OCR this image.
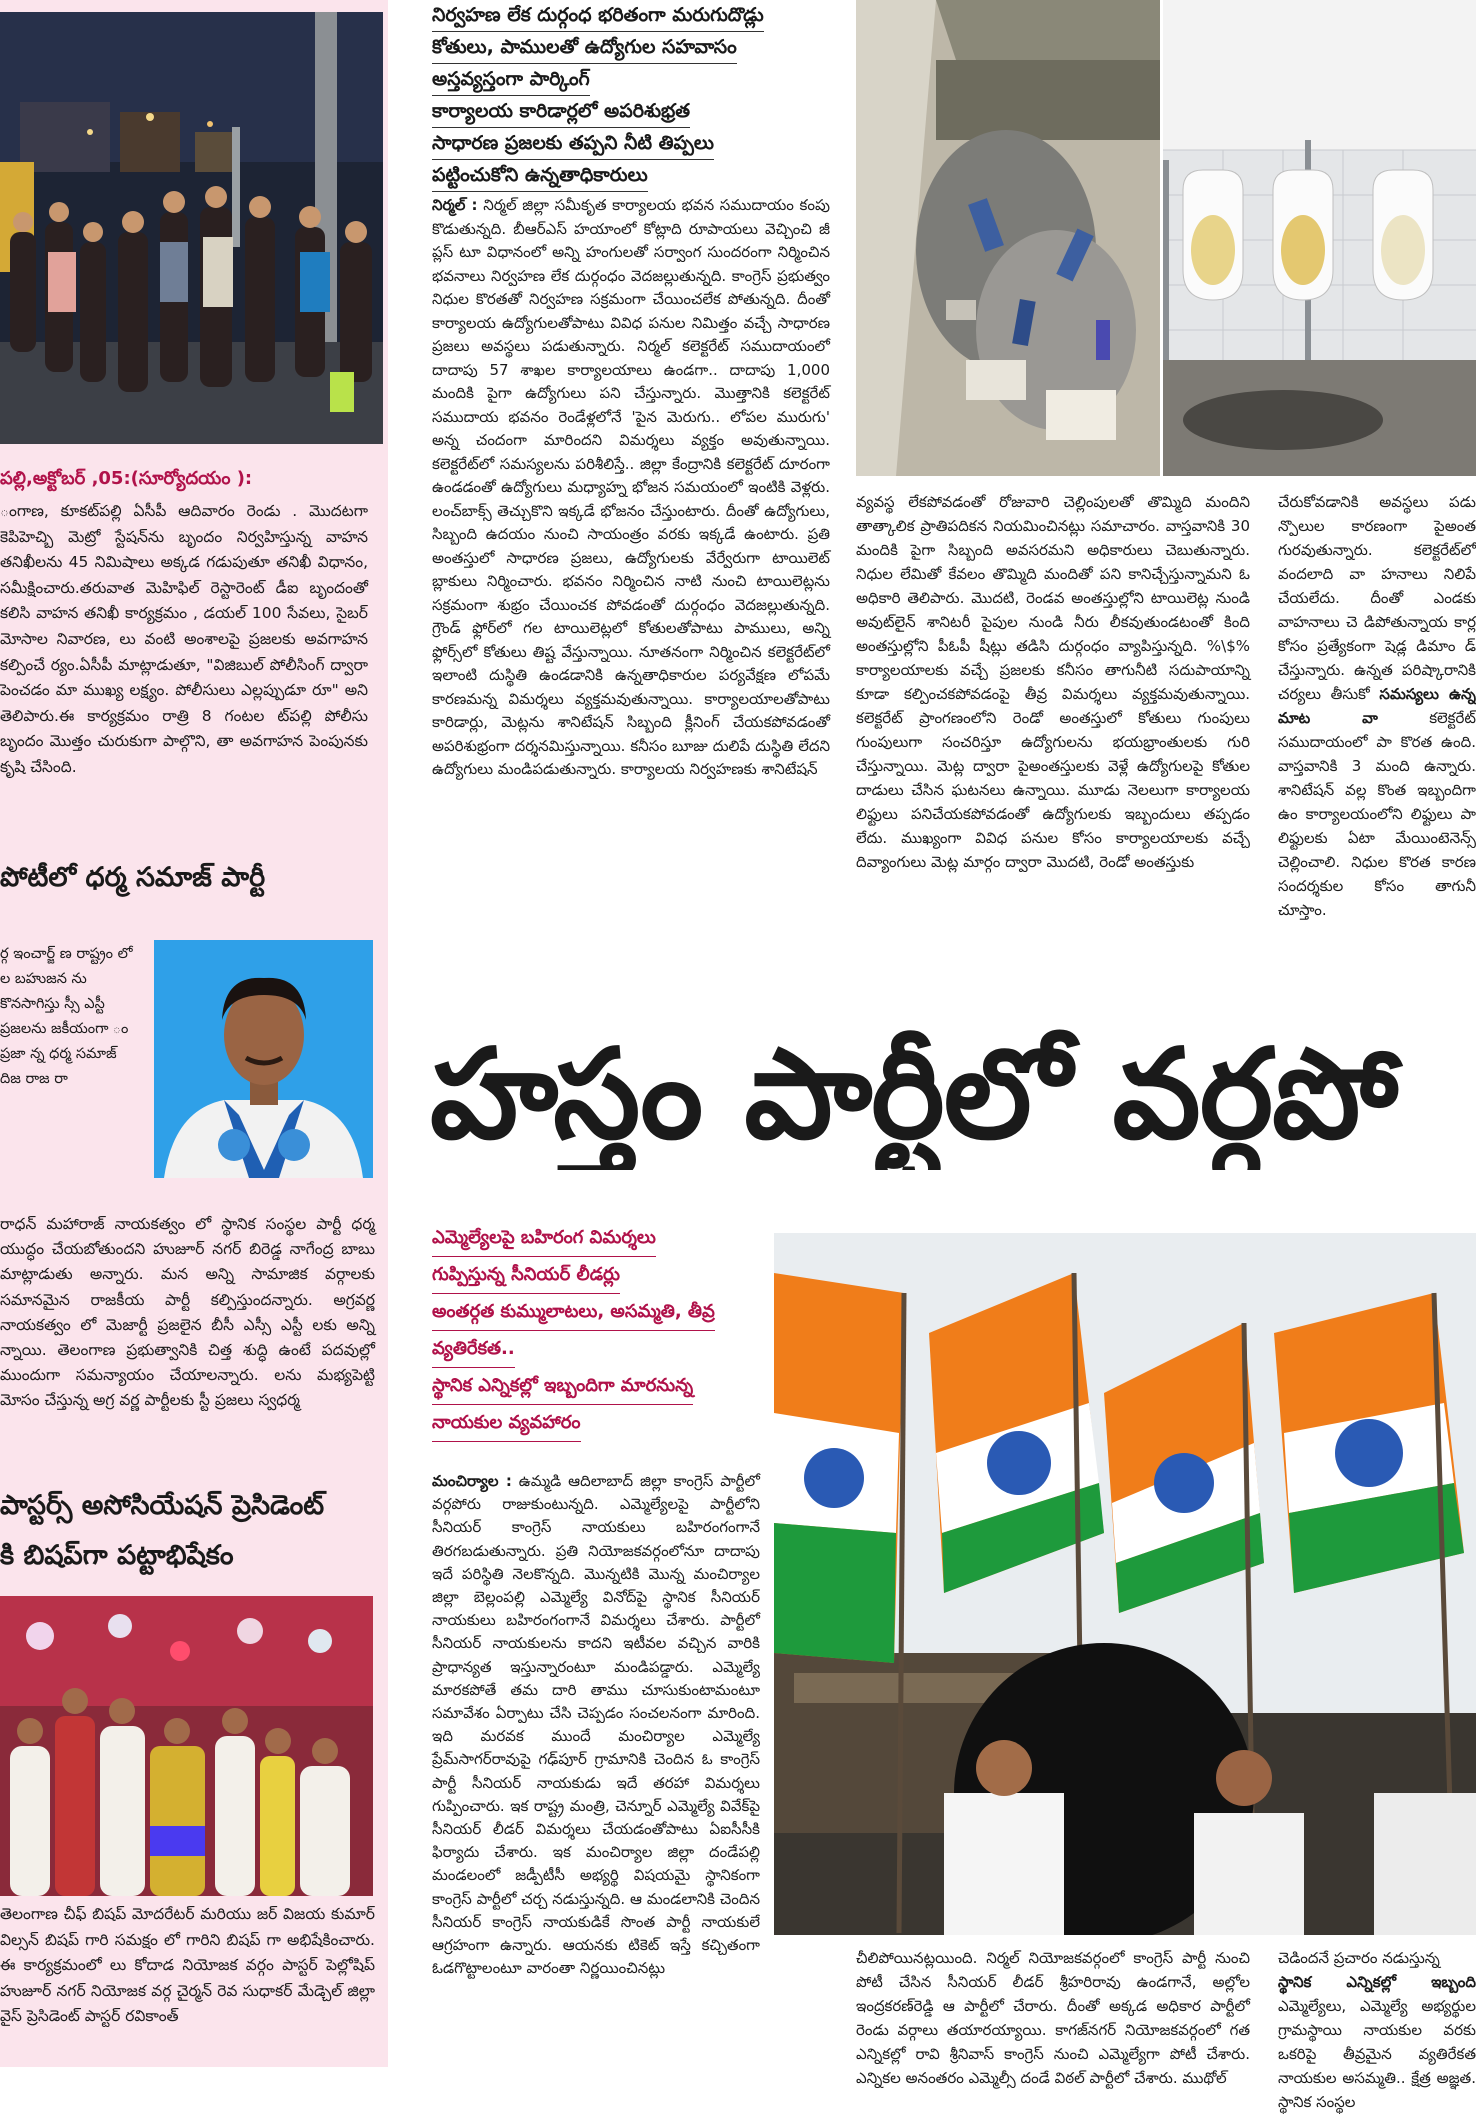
పల్లి,అక్టోబర్ ,05:(సూర్యోదయం ):

ంగాణ, కూకట్‌పల్లి ఏసీపీ ఆదివారం రెండు . మొదటగా కెపిహెచ్బి మెట్రో స్టేషన్‌ను బృందం నిర్వహిస్తున్న వాహన తనిఖీలను 45 నిమిషాలు అక్కడ గడుపుతూ తనిఖీ విధానం, సమీక్షించారు.తరువాత మెహిఫిల్ రెస్టారెంట్ డీఐ బృందంతో కలిసి వాహన తనిఖీ కార్యక్రమం , డయల్ 100 సేవలు, సైబర్ మోసాల నివారణ, లు వంటి అంశాలపై ప్రజలకు అవగాహన కల్పించే ర్యం.ఏసీపీ మాట్లాడుతూ, "విజిబుల్ పోలీసింగ్ ద్వారా పెంచడం మా ముఖ్య లక్ష్యం. పోలీసులు ఎల్లప్పుడూ రూ" అని తెలిపారు.ఈ కార్యక్రమం రాత్రి 8 గంటల ట్‌పల్లి పోలీసు బృందం మొత్తం చురుకుగా పాల్గొని, తా అవగాహన పెంపునకు కృషి చేసింది.

పోటీలో ధర్మ సమాజ్ పార్టీ

ర్గ ఇంచార్జ్ ణ రాష్ట్రం లో ల బహుజన ను కొనసాగిస్తు స్సీ ఎస్టీ ప్రజలను జకీయంగా ం ప్రజా న్న ధర్మ సమాజ్ దిజ రాజ రా

రాధన్ మహారాజ్ నాయకత్వం లో స్థానిక సంస్థల పార్టీ ధర్మ యుద్ధం చేయబోతుందని హుజూర్ నగర్ బిరెడ్డ నాగేంద్ర బాబు మాట్లాడుతు అన్నారు. మన అన్ని సామాజిక వర్గాలకు సమానమైన రాజకీయ పార్టీ కల్పిస్తుందన్నారు. అగ్రవర్ణ నాయకత్వం లో మెజార్టీ ప్రజలైన బీసీ ఎస్సీ ఎస్టీ లకు అన్ని న్నాయి. తెలంగాణ ప్రభుత్వానికి చిత్త శుద్ధి ఉంటే పదవుల్లో ముందుగా సమన్యాయం చేయాలన్నారు. లను మభ్యపెట్టి మోసం చేస్తున్న అగ్ర వర్ణ పార్టీలకు స్టీ ప్రజలు స్వధర్మ

పాస్టర్స్ అసోసియేషన్ ప్రెసిడెంట్
కి బిషప్‌గా పట్టాభిషేకం

తెలంగాణ చీఫ్ బిషప్ మోదరేటర్ మరియు జర్ విజయ కుమార్ విల్సన్ బిషప్ గారి సమక్షం లో గారిని బిషప్ గా అభిషేకించారు. ఈ కార్యక్రమంలో లు కోదాడ నియోజక వర్గం పాస్టర్ పెల్లోషిప్ హుజూర్ నగర్ నియోజక వర్గ చైర్మన్ రెవ సుధాకర్ మేడ్చెల్ జిల్లా వైస్ ప్రెసిడెంట్ పాస్టర్ రవికాంత్

నిర్వహణ లేక దుర్గంధ భరితంగా మరుగుదొడ్లు
కోతులు, పాములతో ఉద్యోగుల సహవాసం
అస్తవ్యస్తంగా పార్కింగ్
కార్యాలయ కారిడార్లలో అపరిశుభ్రత
సాధారణ ప్రజలకు తప్పని నీటి తిప్పలు
పట్టించుకోని ఉన్నతాధికారులు
నిర్మల్ : నిర్మల్ జిల్లా సమీకృత కార్యాలయ భవన సముదాయం కంపు కొడుతున్నది. బీఆర్ఎస్ హయాంలో కోట్లాది రూపాయలు వెచ్చించి జీ ప్లస్ టూ విధానంలో అన్ని హంగులతో సర్వాంగ సుందరంగా నిర్మించిన భవనాలు నిర్వహణ లేక దుర్గంధం వెదజల్లుతున్నది. కాంగ్రెస్ ప్రభుత్వం నిధుల కొరతతో నిర్వహణ సక్రమంగా చేయించలేక పోతున్నది. దీంతో కార్యాలయ ఉద్యోగులతోపాటు వివిధ పనుల నిమిత్తం వచ్చే సాధారణ ప్రజలు అవస్థలు పడుతున్నారు. నిర్మల్ కలెక్టరేట్ సముదాయంలో దాదాపు 57 శాఖల కార్యాలయాలు ఉండగా.. దాదాపు 1,000 మందికి పైగా ఉద్యోగులు పని చేస్తున్నారు. మొత్తానికి కలెక్టరేట్ సముదాయ భవనం రెండేళ్లలోనే 'పైన మెరుగు.. లోపల మురుగు' అన్న చందంగా మారిందని విమర్శలు వ్యక్తం అవుతున్నాయి. కలెక్టరేట్‌లో సమస్యలను పరిశీలిస్తే.. జిల్లా కేంద్రానికి కలెక్టరేట్ దూరంగా ఉండడంతో ఉద్యోగులు మధ్యాహ్న భోజన సమయంలో ఇంటికి వెళ్లరు. లంచ్‌బాక్స్ తెచ్చుకొని ఇక్కడే భోజనం చేస్తుంటారు. దీంతో ఉద్యోగులు, సిబ్బంది ఉదయం నుంచి సాయంత్రం వరకు ఇక్కడే ఉంటారు. ప్రతి అంతస్తులో సాధారణ ప్రజలు, ఉద్యోగులకు వేర్వేరుగా టాయిలెట్ బ్లాకులు నిర్మించారు. భవనం నిర్మించిన నాటి నుంచి టాయిలెట్లను సక్రమంగా శుభ్రం చేయించక పోవడంతో దుర్గంధం వెదజల్లుతున్నది. గ్రౌండ్ ఫ్లోర్‌లో గల టాయిలెట్లలో కోతులతోపాటు పాములు, అన్ని ఫ్లోర్స్‌లో కోతులు తిష్ట వేస్తున్నాయి. నూతనంగా నిర్మించిన కలెక్టరేట్‌లో ఇలాంటి దుస్థితి ఉండడానికి ఉన్నతాధికారుల పర్యవేక్షణ లోపమే కారణమన్న విమర్శలు వ్యక్తమవుతున్నాయి. కార్యాలయాలతోపాటు కారిడార్లు, మెట్లను శానిటేషన్ సిబ్బంది క్లీనింగ్ చేయకపోవడంతో అపరిశుభ్రంగా దర్శనమిస్తున్నాయి. కనీసం బూజు దులిపే దుస్థితి లేదని ఉద్యోగులు మండిపడుతున్నారు. కార్యాలయ నిర్వహణకు శానిటేషన్

వ్యవస్థ లేకపోవడంతో రోజువారి చెల్లింపులతో తొమ్మిది మందిని తాత్కాలిక ప్రాతిపదికన నియమించినట్లు సమాచారం. వాస్తవానికి 30 మందికి పైగా సిబ్బంది అవసరమని అధికారులు చెబుతున్నారు. నిధుల లేమితో కేవలం తొమ్మిది మందితో పని కానిచ్చేస్తున్నామని ఓ అధికారి తెలిపారు. మొదటి, రెండవ అంతస్తుల్లోని టాయిలెట్ల నుండి అవుట్‌లైన్ శానిటరీ పైపుల నుండి నీరు లీకవుతుండటంతో కింది అంతస్తుల్లోని పీఓపీ షీట్లు తడిసి దుర్గంధం వ్యాపిస్తున్నది. %\$% కార్యాలయాలకు వచ్చే ప్రజలకు కనీసం తాగునీటి సదుపాయాన్ని కూడా కల్పించకపోవడంపై తీవ్ర విమర్శలు వ్యక్తమవుతున్నాయి. కలెక్టరేట్ ప్రాంగణంలోని రెండో అంతస్తులో కోతులు గుంపులు గుంపులుగా సంచరిస్తూ ఉద్యోగులను భయభ్రాంతులకు గురి చేస్తున్నాయి. మెట్ల ద్వారా పైఅంతస్తులకు వెళ్లే ఉద్యోగులపై కోతుల దాడులు చేసిన ఘటనలు ఉన్నాయి. మూడు నెలలుగా కార్యాలయ లిఫ్టులు పనిచేయకపోవడంతో ఉద్యోగులకు ఇబ్బందులు తప్పడం లేదు. ముఖ్యంగా వివిధ పనుల కోసం కార్యాలయాలకు వచ్చే దివ్యాంగులు మెట్ల మార్గం ద్వారా మొదటి, రెండో అంతస్తుకు

చేరుకోవడానికి అవస్థలు పడు న్పొలుల కారణంగా పైఅంత గురవుతున్నారు. కలెక్టరేట్‌లో వందలాది వా హనాలు నిలిపే చేయలేదు. దీంతో ఎండకు వాహనాలు చె డిపోతున్నాయ కార్ల కోసం ప్రత్యేకంగా షెడ్ల డిమాం డ్ చేస్తున్నారు. ఉన్నత పరిష్కారానికి చర్యలు తీసుకో సమస్యలు ఉన్న మాట వా	కలెక్టరేట్ సముదాయంలో పా కొరత ఉంది. వాస్తవానికి 3 మంది ఉన్నారు. శానిటేషన్ వల్ల కొంత ఇబ్బందిగా ఉం కార్యాలయంలోని లిఫ్టులు పా లిఫ్టులకు ఏటా మేయింటెనెన్స్ చెల్లించాలి. నిధుల కొరత కారణ సందర్శకుల కోసం తాగునీ చూస్తాం.
హస్తం పార్టీలో వర్గపో
ఎమ్మెల్యేలపై బహిరంగ విమర్శలు
గుప్పిస్తున్న సీనియర్ లీడర్లు
అంతర్గత కుమ్ములాటలు, అసమ్మతి, తీవ్ర
వ్యతిరేకత..
స్థానిక ఎన్నికల్లో ఇబ్బందిగా మారనున్న
నాయకుల వ్యవహారం
మంచిర్యాల : ఉమ్మడి ఆదిలాబాద్ జిల్లా కాంగ్రెస్ పార్టీలో వర్గపోరు రాజుకుంటున్నది. ఎమ్మెల్యేలపై పార్టీలోని సీనియర్ కాంగ్రెస్ నాయకులు బహిరంగంగానే తిరగబడుతున్నారు. ప్రతి నియోజకవర్గంలోనూ దాదాపు ఇదే పరిస్థితి నెలకొన్నది. మొన్నటికి మొన్న మంచిర్యాల జిల్లా బెల్లంపల్లి ఎమ్మెల్యే వినోద్‌పై స్థానిక సీనియర్ నాయకులు బహిరంగంగానే విమర్శలు చేశారు. పార్టీలో సీనియర్ నాయకులను కాదని ఇటీవల వచ్చిన వారికి ప్రాధాన్యత ఇస్తున్నారంటూ మండిపడ్డారు. ఎమ్మెల్యే మారకపోతే తమ దారి తాము చూసుకుంటామంటూ సమావేశం ఏర్పాటు చేసి చెప్పడం సంచలనంగా మారింది. ఇది మరవక ముందే మంచిర్యాల ఎమ్మెల్యే ప్రేమ్‌సాగర్‌రావుపై గఢ్‌పూర్ గ్రామానికి చెందిన ఓ కాంగ్రెస్ పార్టీ సీనియర్ నాయకుడు ఇదే తరహా విమర్శలు గుప్పించారు. ఇక రాష్ట్ర మంత్రి, చెన్నూర్ ఎమ్మెల్యే వివేక్‌పై సీనియర్ లీడర్ విమర్శలు చేయడంతోపాటు ఏఐసీసీకి ఫిర్యాదు చేశారు. ఇక మంచిర్యాల జిల్లా దండేపల్లి మండలంలో జడ్పీటీసీ అభ్యర్థి విషయమై స్థానికంగా కాంగ్రెస్ పార్టీలో చర్చ నడుస్తున్నది. ఆ మండలానికి చెందిన సీనియర్ కాంగ్రెస్ నాయకుడికే సొంత పార్టీ నాయకులే ఆగ్రహంగా ఉన్నారు. ఆయనకు టికెట్ ఇస్తే కచ్చితంగా ఓడగొట్టాలంటూ వారంతా నిర్ణయించినట్లు

చీలిపోయినట్లయింది. నిర్మల్ నియోజకవర్గంలో కాంగ్రెస్ పార్టీ నుంచి పోటీ చేసిన సీనియర్ లీడర్ శ్రీహరిరావు ఉండగానే, అల్లోల ఇంద్రకరణ్‌రెడ్డి ఆ పార్టీలో చేరారు. దీంతో అక్కడ అధికార పార్టీలో రెండు వర్గాలు తయారయ్యాయి. కాగజ్‌నగర్ నియోజకవర్గంలో గత ఎన్నికల్లో రావి శ్రీనివాస్ కాంగ్రెస్ నుంచి ఎమ్మెల్యేగా పోటీ చేశారు. ఎన్నికల అనంతరం ఎమ్మెల్సీ దండే విఠల్ పార్టీలో చేశారు. ముథోల్

చెడిందనే ప్రచారం నడుస్తున్న
స్థానిక ఎన్నికల్లో ఇబ్బంది ఎమ్మెల్యేలు, ఎమ్మెల్యే అభ్యర్థుల గ్రామస్థాయి నాయకుల వరకు ఒకరిపై తీవ్రమైన వ్యతిరేకత నాయకుల అసమ్మతి.. క్షేత్ర అజ్ఞత. స్థానిక సంస్థల
